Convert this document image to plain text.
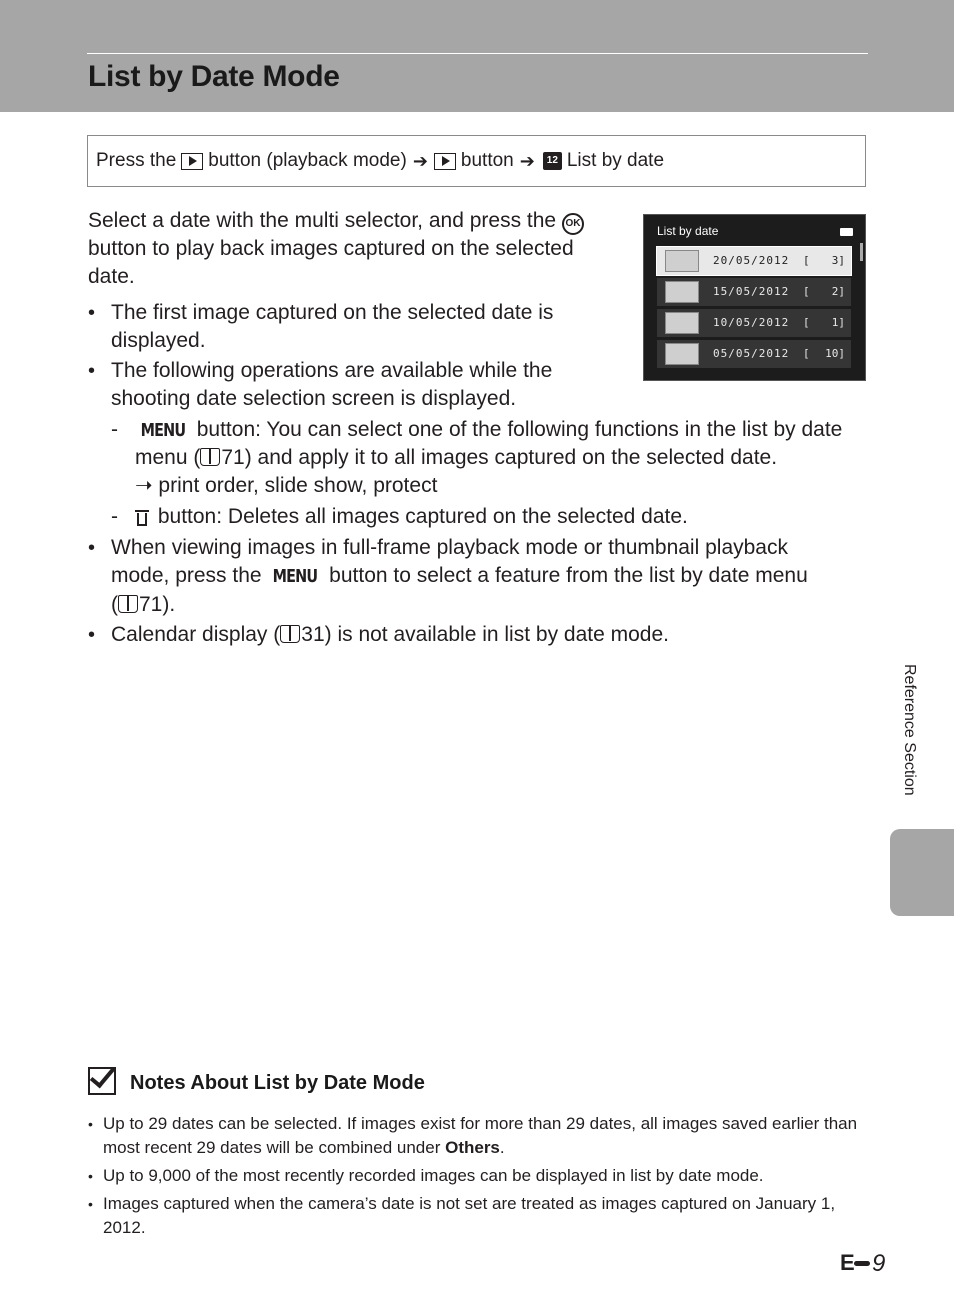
List by Date Mode
Press the button (playback mode) ➔ button ➔	12 List by date
Select a date with the multi selector, and press the OK button to play back images captured on the selected date.
• The first image captured on the selected date is displayed.
• The following operations are available while the shooting date selection screen is displayed.
-	MENU button: You can select one of the following functions in the list by date
menu ( 71) and apply it to all images captured on the selected date.
➝ print order, slide show, protect
-	button: Deletes all images captured on the selected date.
• When viewing images in full-frame playback mode or thumbnail playback
mode, press the MENU button to select a feature from the list by date menu
( 71).
• Calendar display ( 31) is not available in list by date mode.
List by date
20/05/2012 [ 3]
15/05/2012 [ 2]
10/05/2012 [ 1]
05/05/2012 [ 10]
Reference Section
Notes About List by Date Mode
• Up to 29 dates can be selected. If images exist for more than 29 dates, all images saved earlier than most recent 29 dates will be combined under Others.
• Up to 9,000 of the most recently recorded images can be displayed in list by date mode.
• Images captured when the camera’s date is not set are treated as images captured on January 1, 2012.
E
9
